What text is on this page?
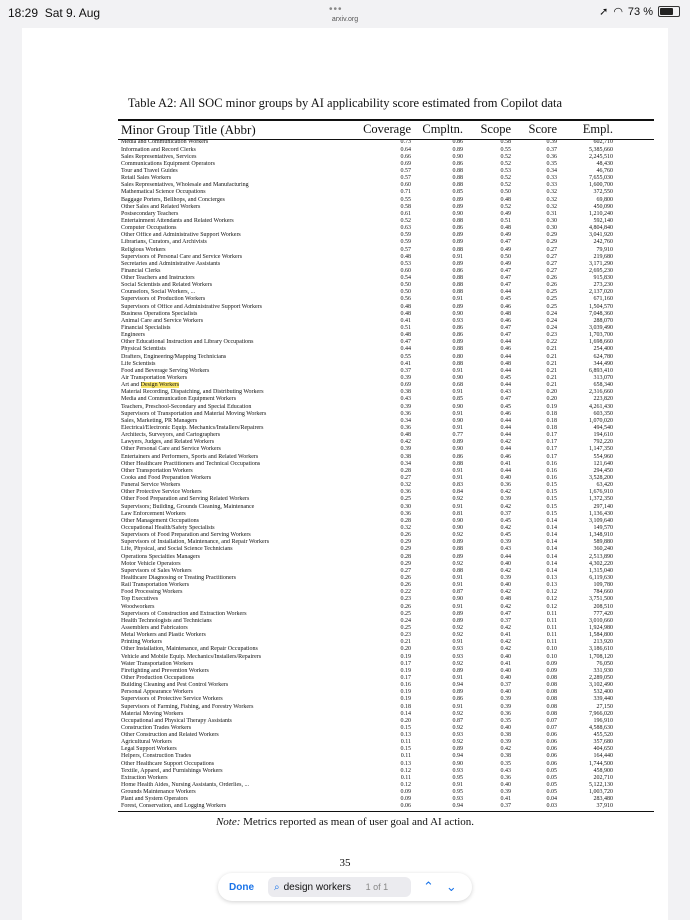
18:29 Sat 9. Aug	•••
arxiv.org
➚ ◠ 73 %
Table A2: All SOC minor groups by AI applicability score estimated from Copilot data
Minor Group Title (Abbr)	Coverage Cmpltn.	Scope	Score	Empl.
Media and Communication Workers	0.73	0.86	0.58	0.39	602,710
Information and Record Clerks	0.64	0.89	0.55	0.37	5,385,660
Sales Representatives, Services	0.66	0.90	0.52	0.36	2,245,510
Communications Equipment Operators	0.69	0.86	0.52	0.35	48,430
Tour and Travel Guides	0.57	0.88	0.53	0.34	46,760
Retail Sales Workers	0.57	0.88	0.52	0.33	7,655,030
Sales Representatives, Wholesale and Manufacturing	0.60	0.88	0.52	0.33	1,600,700
Mathematical Science Occupations	0.71	0.85	0.50	0.32	372,550
Baggage Porters, Bellhops, and Concierges	0.55	0.89	0.48	0.32	69,800
Other Sales and Related Workers	0.58	0.89	0.52	0.32	450,090
Postsecondary Teachers	0.61	0.90	0.49	0.31	1,210,240
Entertainment Attendants and Related Workers	0.52	0.88	0.51	0.30	592,140
Computer Occupations	0.63	0.86	0.48	0.30	4,804,840
Other Office and Administrative Support Workers	0.59	0.89	0.49	0.29	3,041,920
Librarians, Curators, and Archivists	0.59	0.89	0.47	0.29	242,760
Religious Workers	0.57	0.88	0.49	0.27	79,910
Supervisors of Personal Care and Service Workers	0.48	0.91	0.50	0.27	219,680
Secretaries and Administrative Assistants	0.53	0.89	0.49	0.27	3,171,290
Financial Clerks	0.60	0.86	0.47	0.27	2,695,230
Other Teachers and Instructors	0.54	0.88	0.47	0.26	915,830
Social Scientists and Related Workers	0.50	0.88	0.47	0.26	273,230
Counselors, Social Workers, ...	0.50	0.88	0.44	0.25	2,137,020
Supervisors of Production Workers	0.56	0.91	0.45	0.25	671,160
Supervisors of Office and Administrative Support Workers	0.48	0.89	0.46	0.25	1,504,570
Business Operations Specialists	0.48	0.90	0.48	0.24	7,048,360
Animal Care and Service Workers	0.41	0.93	0.46	0.24	288,070
Financial Specialists	0.51	0.86	0.47	0.24	3,039,490
Engineers	0.48	0.86	0.47	0.23	1,703,700
Other Educational Instruction and Library Occupations	0.47	0.89	0.44	0.22	1,698,660
Physical Scientists	0.44	0.88	0.46	0.21	254,400
Drafters, Engineering/Mapping Technicians	0.55	0.80	0.44	0.21	624,780
Life Scientists	0.41	0.88	0.48	0.21	344,490
Food and Beverage Serving Workers	0.37	0.91	0.44	0.21	6,893,410
Air Transportation Workers	0.39	0.90	0.45	0.21	313,070
Art and Design Workers	0.69	0.68	0.44	0.21	658,340
Material Recording, Dispatching, and Distributing Workers	0.38	0.91	0.43	0.20	2,316,660
Media and Communication Equipment Workers	0.43	0.85	0.47	0.20	223,820
Teachers, Preschool-Secondary and Special Education	0.39	0.90	0.45	0.19	4,261,430
Supervisors of Transportation and Material Moving Workers	0.36	0.91	0.46	0.18	603,350
Sales, Marketing, PR Managers	0.34	0.90	0.44	0.18	1,070,020
Electrical/Electronic Equip. Mechanics/Installers/Repairers	0.36	0.91	0.44	0.18	494,540
Architects, Surveyors, and Cartographers	0.48	0.77	0.44	0.17	194,610
Lawyers, Judges, and Related Workers	0.42	0.89	0.42	0.17	792,220
Other Personal Care and Service Workers	0.39	0.90	0.44	0.17	1,147,350
Entertainers and Performers, Sports and Related Workers	0.38	0.86	0.46	0.17	554,960
Other Healthcare Practitioners and Technical Occupations	0.34	0.88	0.41	0.16	121,640
Other Transportation Workers	0.28	0.91	0.44	0.16	294,450
Cooks and Food Preparation Workers	0.27	0.91	0.40	0.16	3,528,200
Funeral Service Workers	0.32	0.83	0.36	0.15	63,420
Other Protective Service Workers	0.36	0.84	0.42	0.15	1,676,910
Other Food Preparation and Serving Related Workers	0.25	0.92	0.39	0.15	1,372,350
Supervisors; Building, Grounds Cleaning, Maintenance	0.30	0.91	0.42	0.15	297,140
Law Enforcement Workers	0.36	0.81	0.37	0.15	1,136,430
Other Management Occupations	0.28	0.90	0.45	0.14	3,109,640
Occupational Health/Safety Specialists	0.32	0.90	0.42	0.14	149,570
Supervisors of Food Preparation and Serving Workers	0.26	0.92	0.45	0.14	1,348,910
Supervisors of Installation, Maintenance, and Repair Workers	0.29	0.89	0.39	0.14	589,880
Life, Physical, and Social Science Technicians	0.29	0.88	0.43	0.14	360,240
Operations Specialties Managers	0.28	0.89	0.44	0.14	2,513,890
Motor Vehicle Operators	0.29	0.92	0.40	0.14	4,302,220
Supervisors of Sales Workers	0.27	0.88	0.42	0.14	1,315,040
Healthcare Diagnosing or Treating Practitioners	0.26	0.91	0.39	0.13	6,119,630
Rail Transportation Workers	0.26	0.91	0.40	0.13	109,780
Food Processing Workers	0.22	0.87	0.42	0.12	784,660
Top Executives	0.23	0.90	0.48	0.12	3,751,500
Woodworkers	0.26	0.91	0.42	0.12	208,510
Supervisors of Construction and Extraction Workers	0.25	0.89	0.47	0.11	777,420
Health Technologists and Technicians	0.24	0.89	0.37	0.11	3,010,660
Assemblers and Fabricators	0.25	0.92	0.42	0.11	1,924,980
Metal Workers and Plastic Workers	0.23	0.92	0.41	0.11	1,584,800
Printing Workers	0.21	0.91	0.42	0.11	213,920
Other Installation, Maintenance, and Repair Occupations	0.20	0.93	0.42	0.10	3,186,610
Vehicle and Mobile Equip. Mechanics/Installers/Repairers	0.19	0.93	0.40	0.10	1,708,120
Water Transportation Workers	0.17	0.92	0.41	0.09	76,050
Firefighting and Prevention Workers	0.19	0.89	0.40	0.09	331,930
Other Production Occupations	0.17	0.91	0.40	0.08	2,289,050
Building Cleaning and Pest Control Workers	0.16	0.94	0.37	0.08	3,102,490
Personal Appearance Workers	0.19	0.89	0.40	0.08	532,400
Supervisors of Protective Service Workers	0.19	0.86	0.39	0.08	339,440
Supervisors of Farming, Fishing, and Forestry Workers	0.18	0.91	0.39	0.08	27,150
Material Moving Workers	0.14	0.92	0.36	0.08	7,966,020
Occupational and Physical Therapy Assistants	0.20	0.87	0.35	0.07	196,910
Construction Trades Workers	0.15	0.92	0.40	0.07	4,588,630
Other Construction and Related Workers	0.13	0.93	0.38	0.06	455,520
Agricultural Workers	0.11	0.92	0.39	0.06	357,680
Legal Support Workers	0.15	0.89	0.42	0.06	404,650
Helpers, Construction Trades	0.11	0.94	0.38	0.06	164,440
Other Healthcare Support Occupations	0.13	0.90	0.35	0.06	1,744,500
Textile, Apparel, and Furnishings Workers	0.12	0.93	0.43	0.05	458,900
Extraction Workers	0.11	0.95	0.36	0.05	202,710
Home Health Aides, Nursing Assistants, Orderlies, ...	0.12	0.91	0.40	0.05	5,122,130
Grounds Maintenance Workers	0.09	0.95	0.39	0.05	1,003,720
Plant and System Operators	0.09	0.93	0.41	0.04	283,480
Forest, Conservation, and Logging Workers	0.06	0.94	0.37	0.03	37,910
Note: Metrics reported as mean of user goal and AI action.
35
Done ⌕
design workers	1 of 1	⌃ ⌄
